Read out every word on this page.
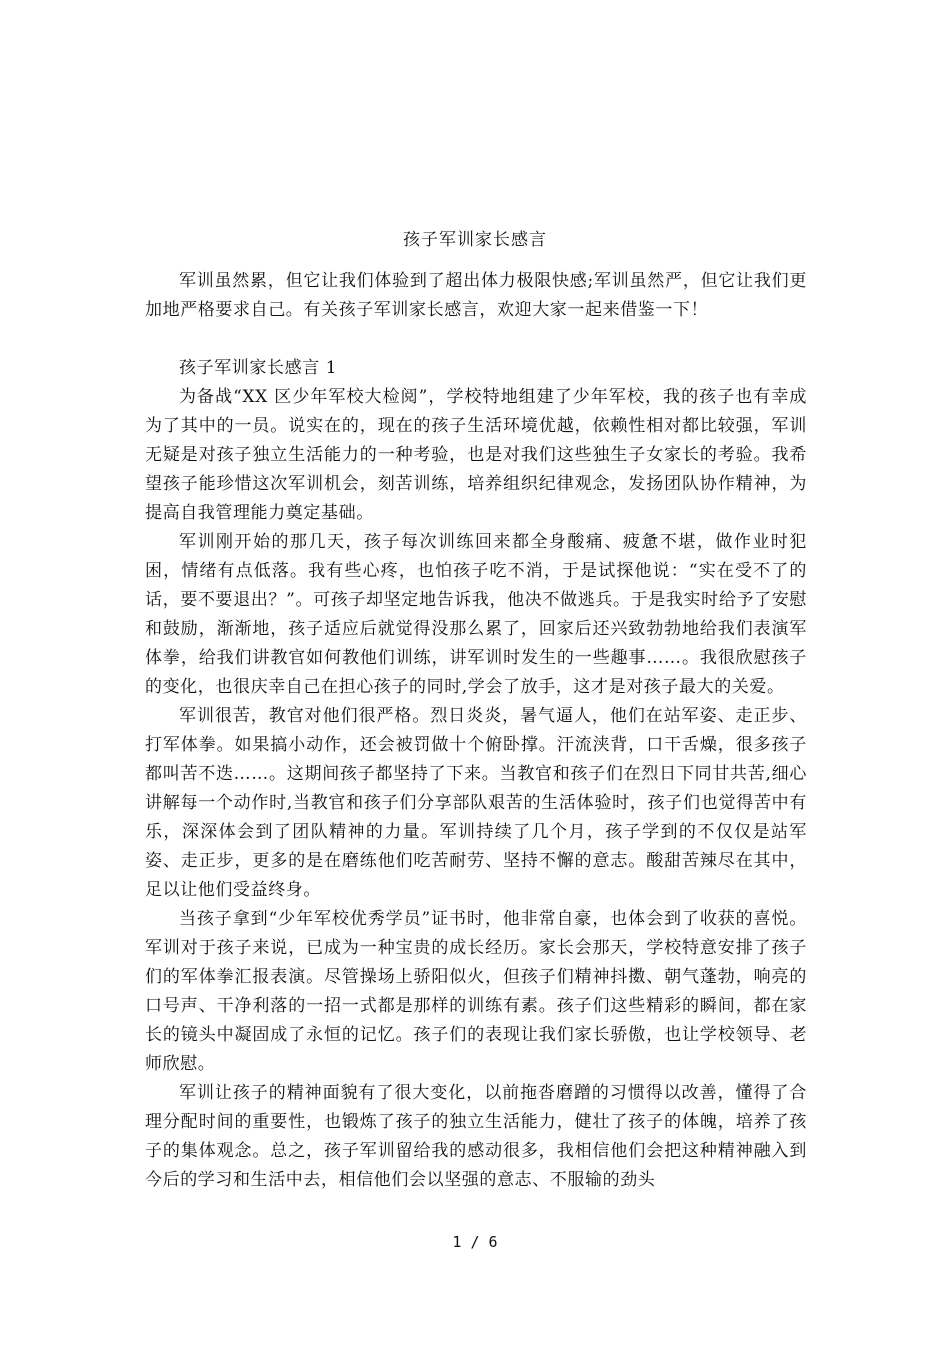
孩子军训家长感言

军训虽然累，但它让我们体验到了超出体力极限快感;军训虽然严，但它让我们更加地严格要求自己。有关孩子军训家长感言，欢迎大家一起来借鉴一下！

孩子军训家长感言 1

为备战“XX 区少年军校大检阅”，学校特地组建了少年军校，我的孩子也有幸成为了其中的一员。说实在的，现在的孩子生活环境优越，依赖性相对都比较强，军训无疑是对孩子独立生活能力的一种考验，也是对我们这些独生子女家长的考验。我希望孩子能珍惜这次军训机会，刻苦训练，培养组织纪律观念，发扬团队协作精神，为提高自我管理能力奠定基础。

军训刚开始的那几天，孩子每次训练回来都全身酸痛、疲惫不堪，做作业时犯困，情绪有点低落。我有些心疼，也怕孩子吃不消，于是试探他说：“实在受不了的话，要不要退出？”。可孩子却坚定地告诉我，他决不做逃兵。于是我实时给予了安慰和鼓励，渐渐地，孩子适应后就觉得没那么累了，回家后还兴致勃勃地给我们表演军体拳，给我们讲教官如何教他们训练，讲军训时发生的一些趣事……。我很欣慰孩子的变化，也很庆幸自己在担心孩子的同时,学会了放手，这才是对孩子最大的关爱。

军训很苦，教官对他们很严格。烈日炎炎，暑气逼人，他们在站军姿、走正步、打军体拳。如果搞小动作，还会被罚做十个俯卧撑。汗流浃背，口干舌燥，很多孩子都叫苦不迭……。这期间孩子都坚持了下来。当教官和孩子们在烈日下同甘共苦,细心讲解每一个动作时,当教官和孩子们分享部队艰苦的生活体验时，孩子们也觉得苦中有乐，深深体会到了团队精神的力量。军训持续了几个月，孩子学到的不仅仅是站军姿、走正步，更多的是在磨练他们吃苦耐劳、坚持不懈的意志。酸甜苦辣尽在其中，足以让他们受益终身。

当孩子拿到“少年军校优秀学员”证书时，他非常自豪，也体会到了收获的喜悦。军训对于孩子来说，已成为一种宝贵的成长经历。家长会那天，学校特意安排了孩子们的军体拳汇报表演。尽管操场上骄阳似火，但孩子们精神抖擞、朝气蓬勃，响亮的口号声、干净利落的一招一式都是那样的训练有素。孩子们这些精彩的瞬间，都在家长的镜头中凝固成了永恒的记忆。孩子们的表现让我们家长骄傲，也让学校领导、老师欣慰。

军训让孩子的精神面貌有了很大变化，以前拖沓磨蹭的习惯得以改善，懂得了合理分配时间的重要性，也锻炼了孩子的独立生活能力，健壮了孩子的体魄，培养了孩子的集体观念。总之，孩子军训留给我的感动很多，我相信他们会把这种精神融入到今后的学习和生活中去，相信他们会以坚强的意志、不服输的劲头

1 / 6
